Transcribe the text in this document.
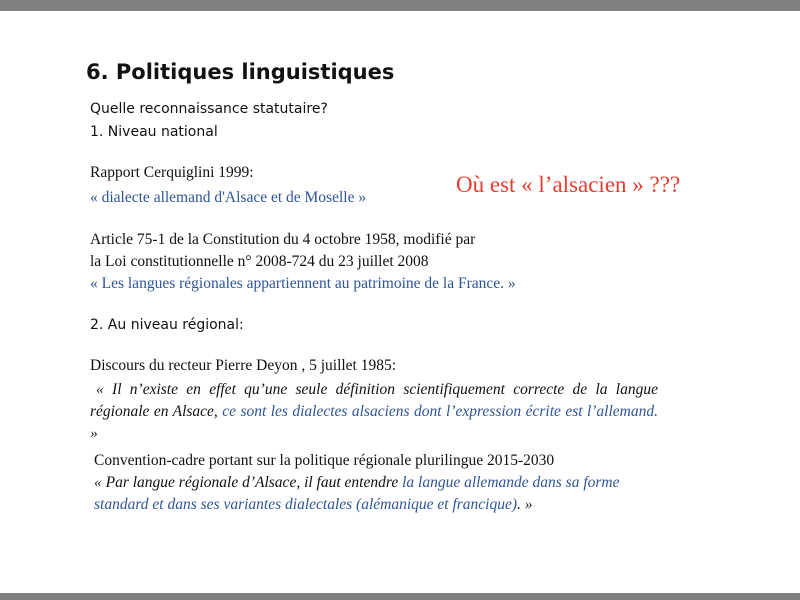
6. Politiques linguistiques
Quelle reconnaissance statutaire?
1. Niveau national
Rapport Cerquiglini 1999:
« dialecte allemand d'Alsace et de Moselle »
Où est « l’alsacien » ???
Article 75-1 de la Constitution du 4 octobre 1958, modifié par
la Loi constitutionnelle n° 2008-724 du 23 juillet 2008
« Les langues régionales appartiennent au patrimoine de la France. »
2. Au niveau régional:
Discours du recteur Pierre Deyon , 5 juillet 1985:
« Il n’existe en effet qu’une seule définition scientifiquement correcte de la langue régionale en Alsace, ce sont les dialectes alsaciens dont l’expression écrite est l’allemand. »
Convention-cadre portant sur la politique régionale plurilingue 2015-2030
« Par langue régionale d’Alsace, il faut entendre la langue allemande dans sa forme standard et dans ses variantes dialectales (alémanique et francique). »
